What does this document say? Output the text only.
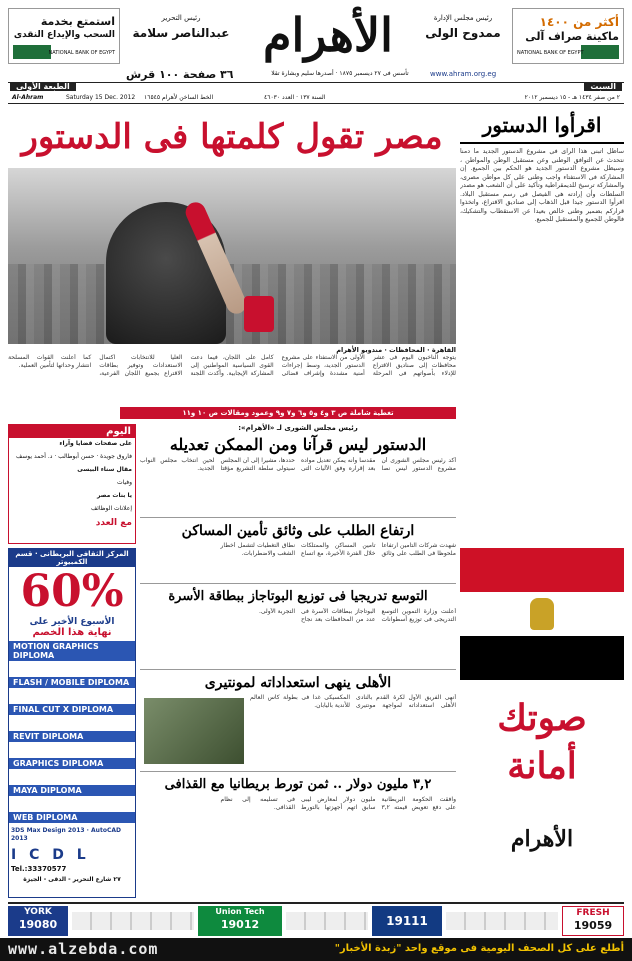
أكثر من ١٤٠٠
ماكينة صراف آلى
NATIONAL BANK OF EGYPT
استمتع بخدمة
السحب والإيداع النقدى
NATIONAL BANK OF EGYPT
رئيس مجلس الإدارة
ممدوح الولى
رئيس التحرير
عبدالناصر سلامة الأهرام
www.ahram.org.eg
٣٦ صفحة ١٠٠ قرش	تأسس فى ٢٧ ديسمبر ١٨٧٥ · أصدرها سليم وبشارة تقلا
السبت
٢ من صفر ١٤٣٤ هـ - ١٥ ديسمبر ٢٠١٢
السنة ١٣٧ · العدد ٤٦٠٣٠
الطبعة الأولى
Al-Ahram	Saturday 15 Dec. 2012 الخط الساخن لأهرام ١٦٥٤٥
مصر تقول كلمتها فى الدستور	اقرأوا الدستور
سأظل أتبنى هذا الرأى فى مشروع الدستور الجديد ما دمنا نتحدث عن التوافق الوطنى وعن مستقبل الوطن والمواطن ، وسيظل مشروع الدستور الجديد هو الحكم بين الجميع. إن المشاركة فى الاستفتاء واجب وطنى على كل مواطن مصرى، والمشاركة ترسيخ للديمقراطية وتأكيد على أن الشعب هو مصدر السلطات وأن إرادته هى الفيصل فى رسم مستقبل البلاد. اقرأوا الدستور جيدا قبل الذهاب إلى صناديق الاقتراع، واتخذوا قراركم بضمير وطنى خالص بعيدا عن الاستقطاب والتشكيك، فالوطن للجميع والمستقبل للجميع.
القاهرة · المحافظات · مندوبو الأهرام
يتوجه الناخبون اليوم فى عشر محافظات إلى صناديق الاقتراع للإدلاء بأصواتهم فى المرحلة الأولى من الاستفتاء على مشروع الدستور الجديد، وسط إجراءات أمنية مشددة وإشراف قضائى كامل على اللجان، فيما دعت القوى السياسية المواطنين إلى المشاركة الإيجابية. وأكدت اللجنة العليا للانتخابات اكتمال الاستعدادات وتوفير بطاقات الاقتراع بجميع اللجان الفرعية، كما أعلنت القوات المسلحة انتشار وحداتها لتأمين العملية.
تغطية شاملة ص ٣ و٤ و٥ و٦ و٧ و٩ وعمود ومقالات ص ١٠ و١١
اليوم
على صفحات قضايا وآراء
فاروق جويدة · حسن أبوطالب · د. أحمد يوسف
مقال سناء البيسى
وفيات
يا بنات مصر
إعلانات الوظائف
مع العدد
رئيس مجلس الشورى لـ «الأهرام»:
الدستور ليس قرآنا ومن الممكن تعديله
أكد رئيس مجلس الشورى أن مشروع الدستور ليس نصا مقدسا وأنه يمكن تعديل مواده بعد إقراره وفق الآليات التى حددها، مشيرا إلى أن المجلس سيتولى سلطة التشريع مؤقتا لحين انتخاب مجلس النواب الجديد.
ارتفاع الطلب على وثائق تأمين المساكن
شهدت شركات التأمين ارتفاعا ملحوظا فى الطلب على وثائق تأمين المساكن والممتلكات خلال الفترة الأخيرة، مع اتساع نطاق التغطيات لتشمل أخطار الشغب والاضطرابات.
التوسع تدريجيا فى توزيع البوتاجاز ببطاقة الأسرة
أعلنت وزارة التموين التوسع التدريجى فى توزيع أسطوانات البوتاجاز ببطاقات الأسرة فى عدد من المحافظات بعد نجاح التجربة الأولى.
الأهلى ينهى استعداداته لمونتيرى
أنهى الفريق الأول لكرة القدم بالنادى الأهلى استعداداته لمواجهة مونتيرى المكسيكى غدا فى بطولة كأس العالم للأندية باليابان.
٣,٢ مليون دولار .. ثمن تورط بريطانيا مع القذافى
وافقت الحكومة البريطانية على دفع تعويض قيمته ٣,٢ مليون دولار لمعارض ليبى سابق اتهم أجهزتها بالتورط فى تسليمه إلى نظام القذافى.
المركز الثقافى البريطانى · قسم الكمبيوتر
60%
الأسبوع الأخير على
نهاية هذا الخصم
MOTION GRAPHICS DIPLOMA
FLASH / MOBILE DIPLOMA
FINAL CUT X DIPLOMA
REVIT DIPLOMA
GRAPHICS DIPLOMA
MAYA DIPLOMA
WEB DIPLOMA
3DS Max Design 2013 · AutoCAD 2013
I C D L
Tel.:33370577
٢٧ شارع التحرير - الدقى - الجيزة
صوتك
أمانة
الأهرام
YORK
19080
Union Tech
19012	19111
FRESH
19059
www.alzebda.com	أطلع على كل الصحف اليومية فى موقع واحد "زبدة الأخبار"
